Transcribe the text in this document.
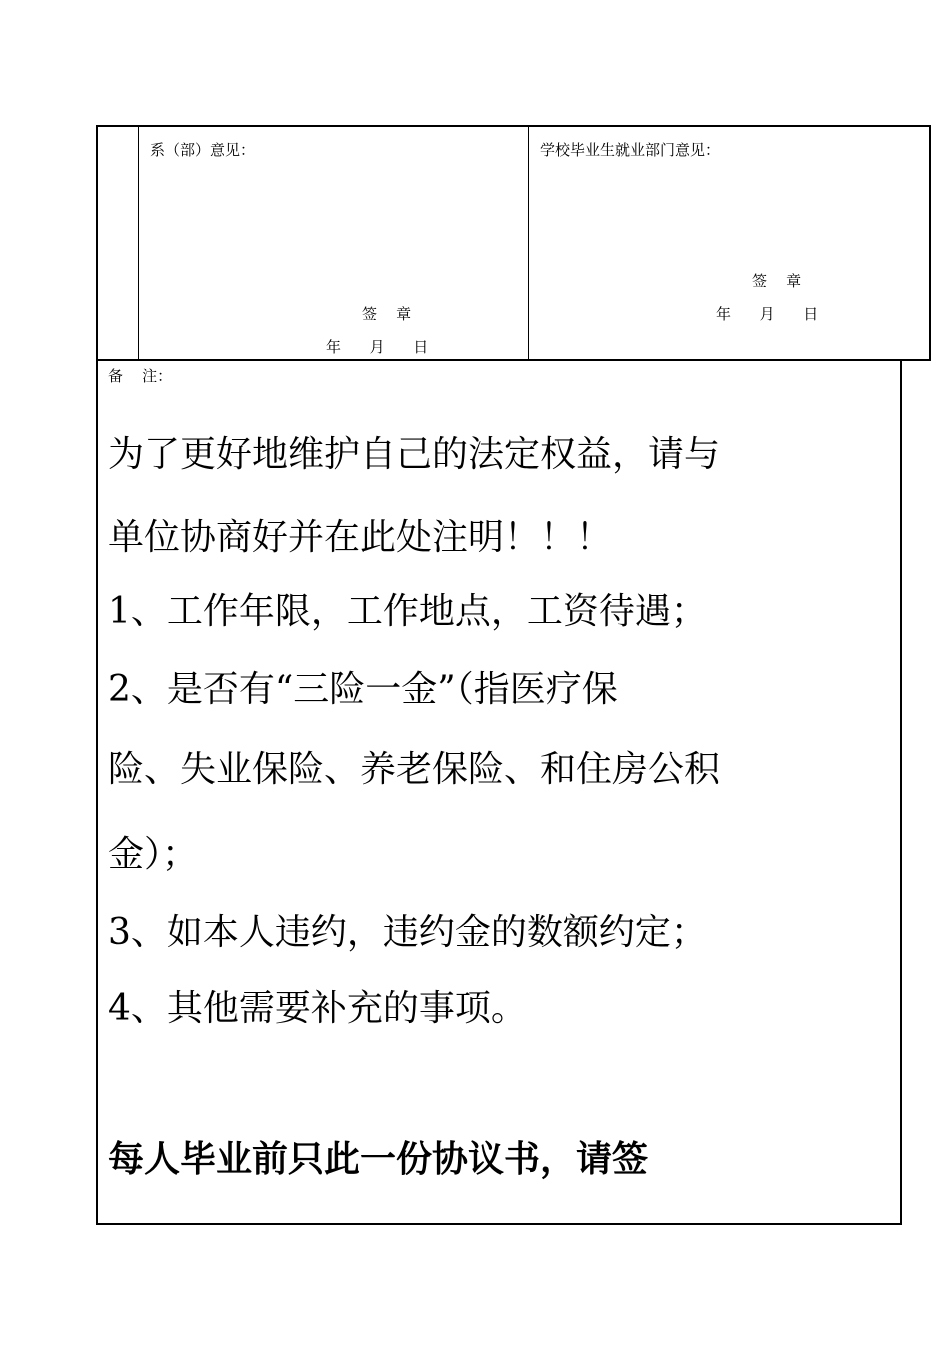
系（部）意见：
签    章
年      月      日
学校毕业生就业部门意见：
签    章
年      月      日
备    注：
为了更好地维护自己的法定权益，请与
单位协商好并在此处注明！！！
1、工作年限，工作地点，工资待遇；
2、是否有“三险一金”（指医疗保
险、失业保险、养老保险、和住房公积
金）；
3、如本人违约，违约金的数额约定；
4、其他需要补充的事项。
每人毕业前只此一份协议书，请签
